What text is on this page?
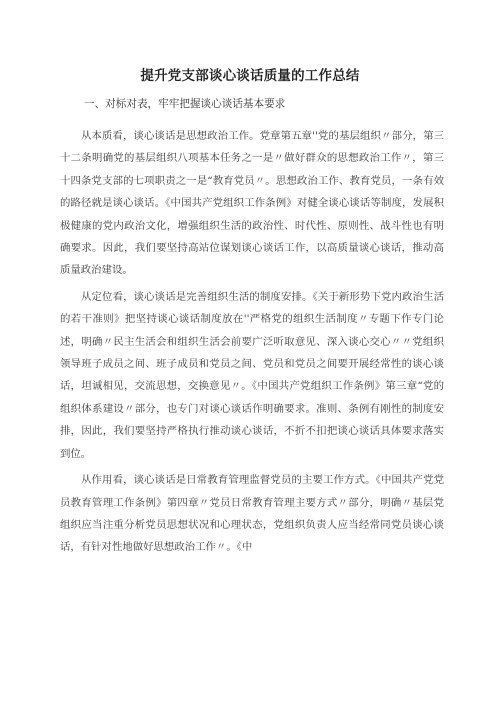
提升党支部谈心谈话质量的工作总结
一、对标对表，牢牢把握谈心谈话基本要求

从本质看，谈心谈话是思想政治工作。党章第五章''党的基层组织〃部分，第三十二条明确党的基层组织八项基本任务之一是〃做好群众的思想政治工作〃，第三十四条党支部的七项职责之一是“教育党员〃。思想政治工作、教育党员，一条有效的路径就是谈心谈话。《中国共产党组织工作条例》对健全谈心谈话等制度，发展积极健康的党内政治文化，增强组织生活的政治性、时代性、原则性、战斗性也有明确要求。因此，我们要坚持高站位谋划谈心谈话工作，以高质量谈心谈话，推动高质量政治建设。

从定位看，谈心谈话是完善组织生活的制度安排。《关于新形势下党内政治生活的若干准则》把坚持谈心谈话制度放在''严格党的组织生活制度〃专题下作专门论述，明确〃民主生活会和组织生活会前要广泛听取意见、深入谈心交心〃〃党组织领导班子成员之间、班子成员和党员之间、党员和党员之间要开展经常性的谈心谈话，坦诚相见，交流思想，交换意见〃。《中国共产党组织工作条例》第三章“党的组织体系建设〃部分，也专门对谈心谈话作明确要求。准则、条例有刚性的制度安排，因此，我们要坚持严格执行推动谈心谈话，不折不扣把谈心谈话具体要求落实到位。

从作用看，谈心谈话是日常教育管理监督党员的主要工作方式。《中国共产党党员教育管理工作条例》第四章〃党员日常教育管理主要方式〃部分，明确〃基层党组织应当注重分析党员思想状况和心理状态，党组织负责人应当经常同党员谈心谈话，有针对性地做好思想政治工作〃。《中
